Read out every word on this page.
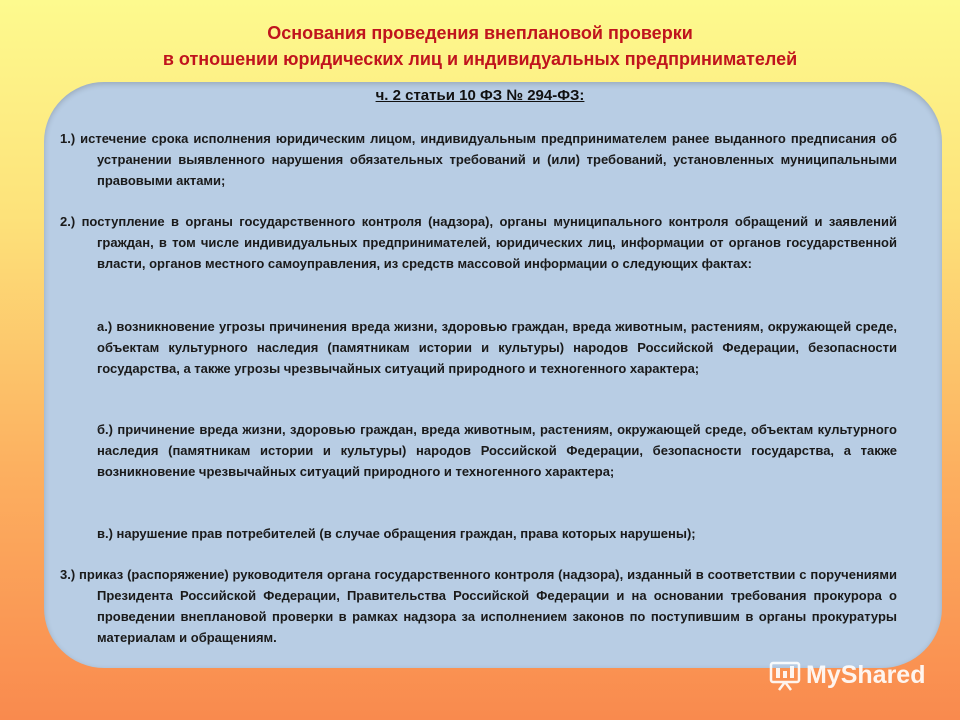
Основания проведения внеплановой проверки
в отношении юридических лиц и индивидуальных предпринимателей
ч. 2 статьи 10 ФЗ № 294-ФЗ:

1.) истечение срока исполнения юридическим лицом, индивидуальным предпринимателем ранее выданного предписания об устранении выявленного нарушения обязательных требований и (или) требований, установленных муниципальными правовыми актами;

2.) поступление в органы государственного контроля (надзора), органы муниципального контроля обращений и заявлений граждан, в том числе индивидуальных предпринимателей, юридических лиц, информации от органов государственной власти, органов местного самоуправления, из средств массовой информации о следующих фактах:

а.) возникновение угрозы причинения вреда жизни, здоровью граждан, вреда животным, растениям, окружающей среде, объектам культурного наследия (памятникам истории и культуры) народов Российской Федерации, безопасности государства, а также угрозы чрезвычайных ситуаций природного и техногенного характера;

б.) причинение вреда жизни, здоровью граждан, вреда животным, растениям, окружающей среде, объектам культурного наследия (памятникам истории и культуры) народов Российской Федерации, безопасности государства, а также возникновение чрезвычайных ситуаций природного и техногенного характера;

в.) нарушение прав потребителей (в случае обращения граждан, права которых нарушены);

3.) приказ (распоряжение) руководителя органа государственного контроля (надзора), изданный в соответствии с поручениями Президента Российской Федерации, Правительства Российской Федерации и на основании требования прокурора о проведении внеплановой проверки в рамках надзора за исполнением законов по поступившим в органы прокуратуры материалам и обращениям.

MyShared
